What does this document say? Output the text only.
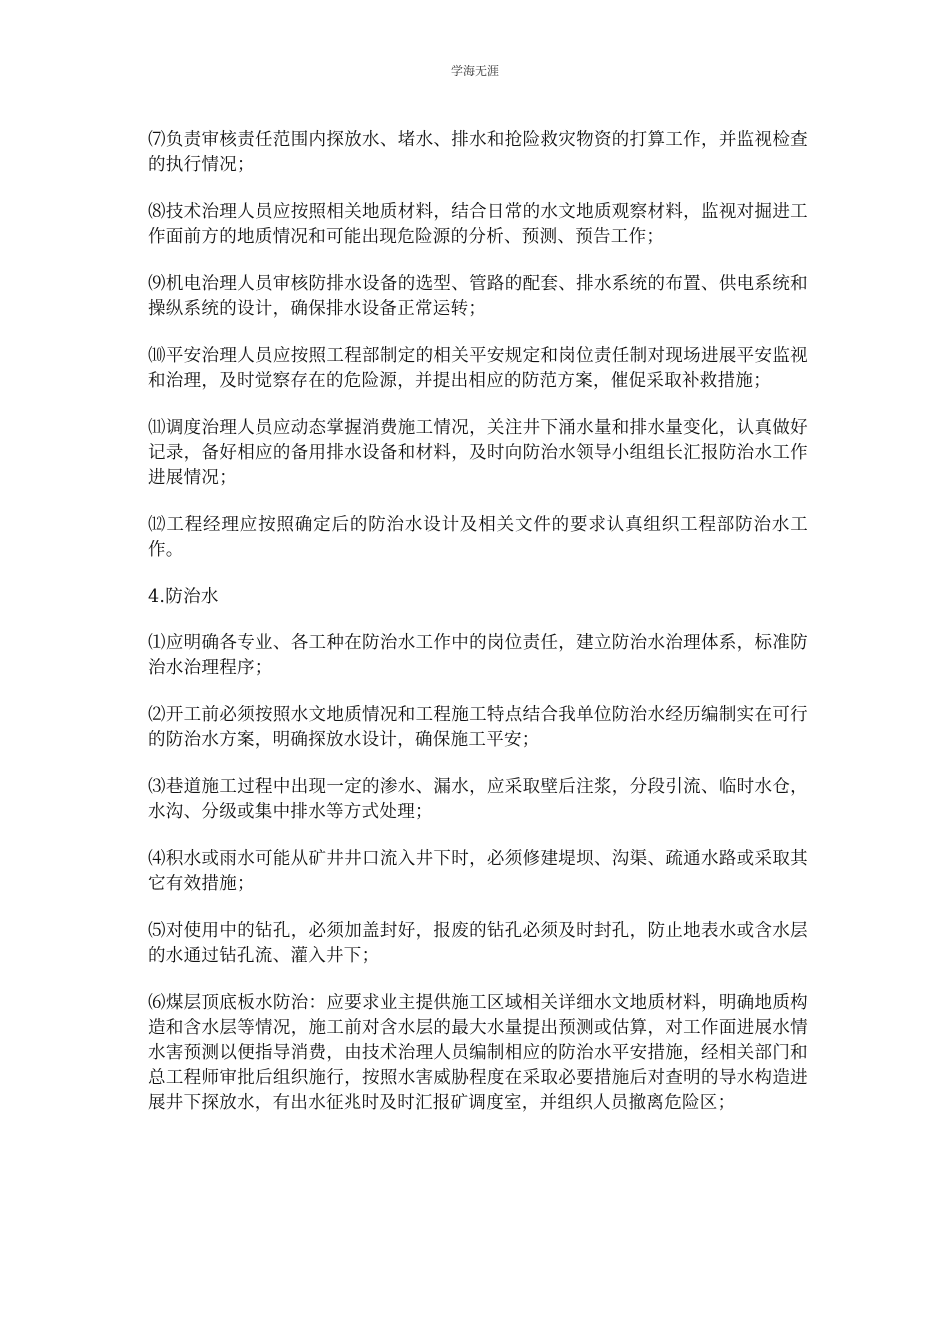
学海无涯

⑺负责审核责任范围内探放水、堵水、排水和抢险救灾物资的打算工作，并监视检查的执行情况；

⑻技术治理人员应按照相关地质材料，结合日常的水文地质观察材料，监视对掘进工作面前方的地质情况和可能出现危险源的分析、预测、预告工作；

⑼机电治理人员审核防排水设备的选型、管路的配套、排水系统的布置、供电系统和操纵系统的设计，确保排水设备正常运转；

⑽平安治理人员应按照工程部制定的相关平安规定和岗位责任制对现场进展平安监视和治理，及时觉察存在的危险源，并提出相应的防范方案，催促采取补救措施；

⑾调度治理人员应动态掌握消费施工情况，关注井下涌水量和排水量变化，认真做好记录，备好相应的备用排水设备和材料，及时向防治水领导小组组长汇报防治水工作进展情况；

⑿工程经理应按照确定后的防治水设计及相关文件的要求认真组织工程部防治水工作。

4.防治水

⑴应明确各专业、各工种在防治水工作中的岗位责任，建立防治水治理体系，标准防治水治理程序；

⑵开工前必须按照水文地质情况和工程施工特点结合我单位防治水经历编制实在可行的防治水方案，明确探放水设计，确保施工平安；

⑶巷道施工过程中出现一定的渗水、漏水，应采取壁后注浆，分段引流、临时水仓，水沟、分级或集中排水等方式处理；

⑷积水或雨水可能从矿井井口流入井下时，必须修建堤坝、沟渠、疏通水路或采取其它有效措施；

⑸对使用中的钻孔，必须加盖封好，报废的钻孔必须及时封孔，防止地表水或含水层的水通过钻孔流、灌入井下；

⑹煤层顶底板水防治：应要求业主提供施工区域相关详细水文地质材料，明确地质构造和含水层等情况，施工前对含水层的最大水量提出预测或估算，对工作面进展水情水害预测以便指导消费，由技术治理人员编制相应的防治水平安措施，经相关部门和总工程师审批后组织施行，按照水害威胁程度在采取必要措施后对查明的导水构造进展井下探放水，有出水征兆时及时汇报矿调度室，并组织人员撤离危险区；
